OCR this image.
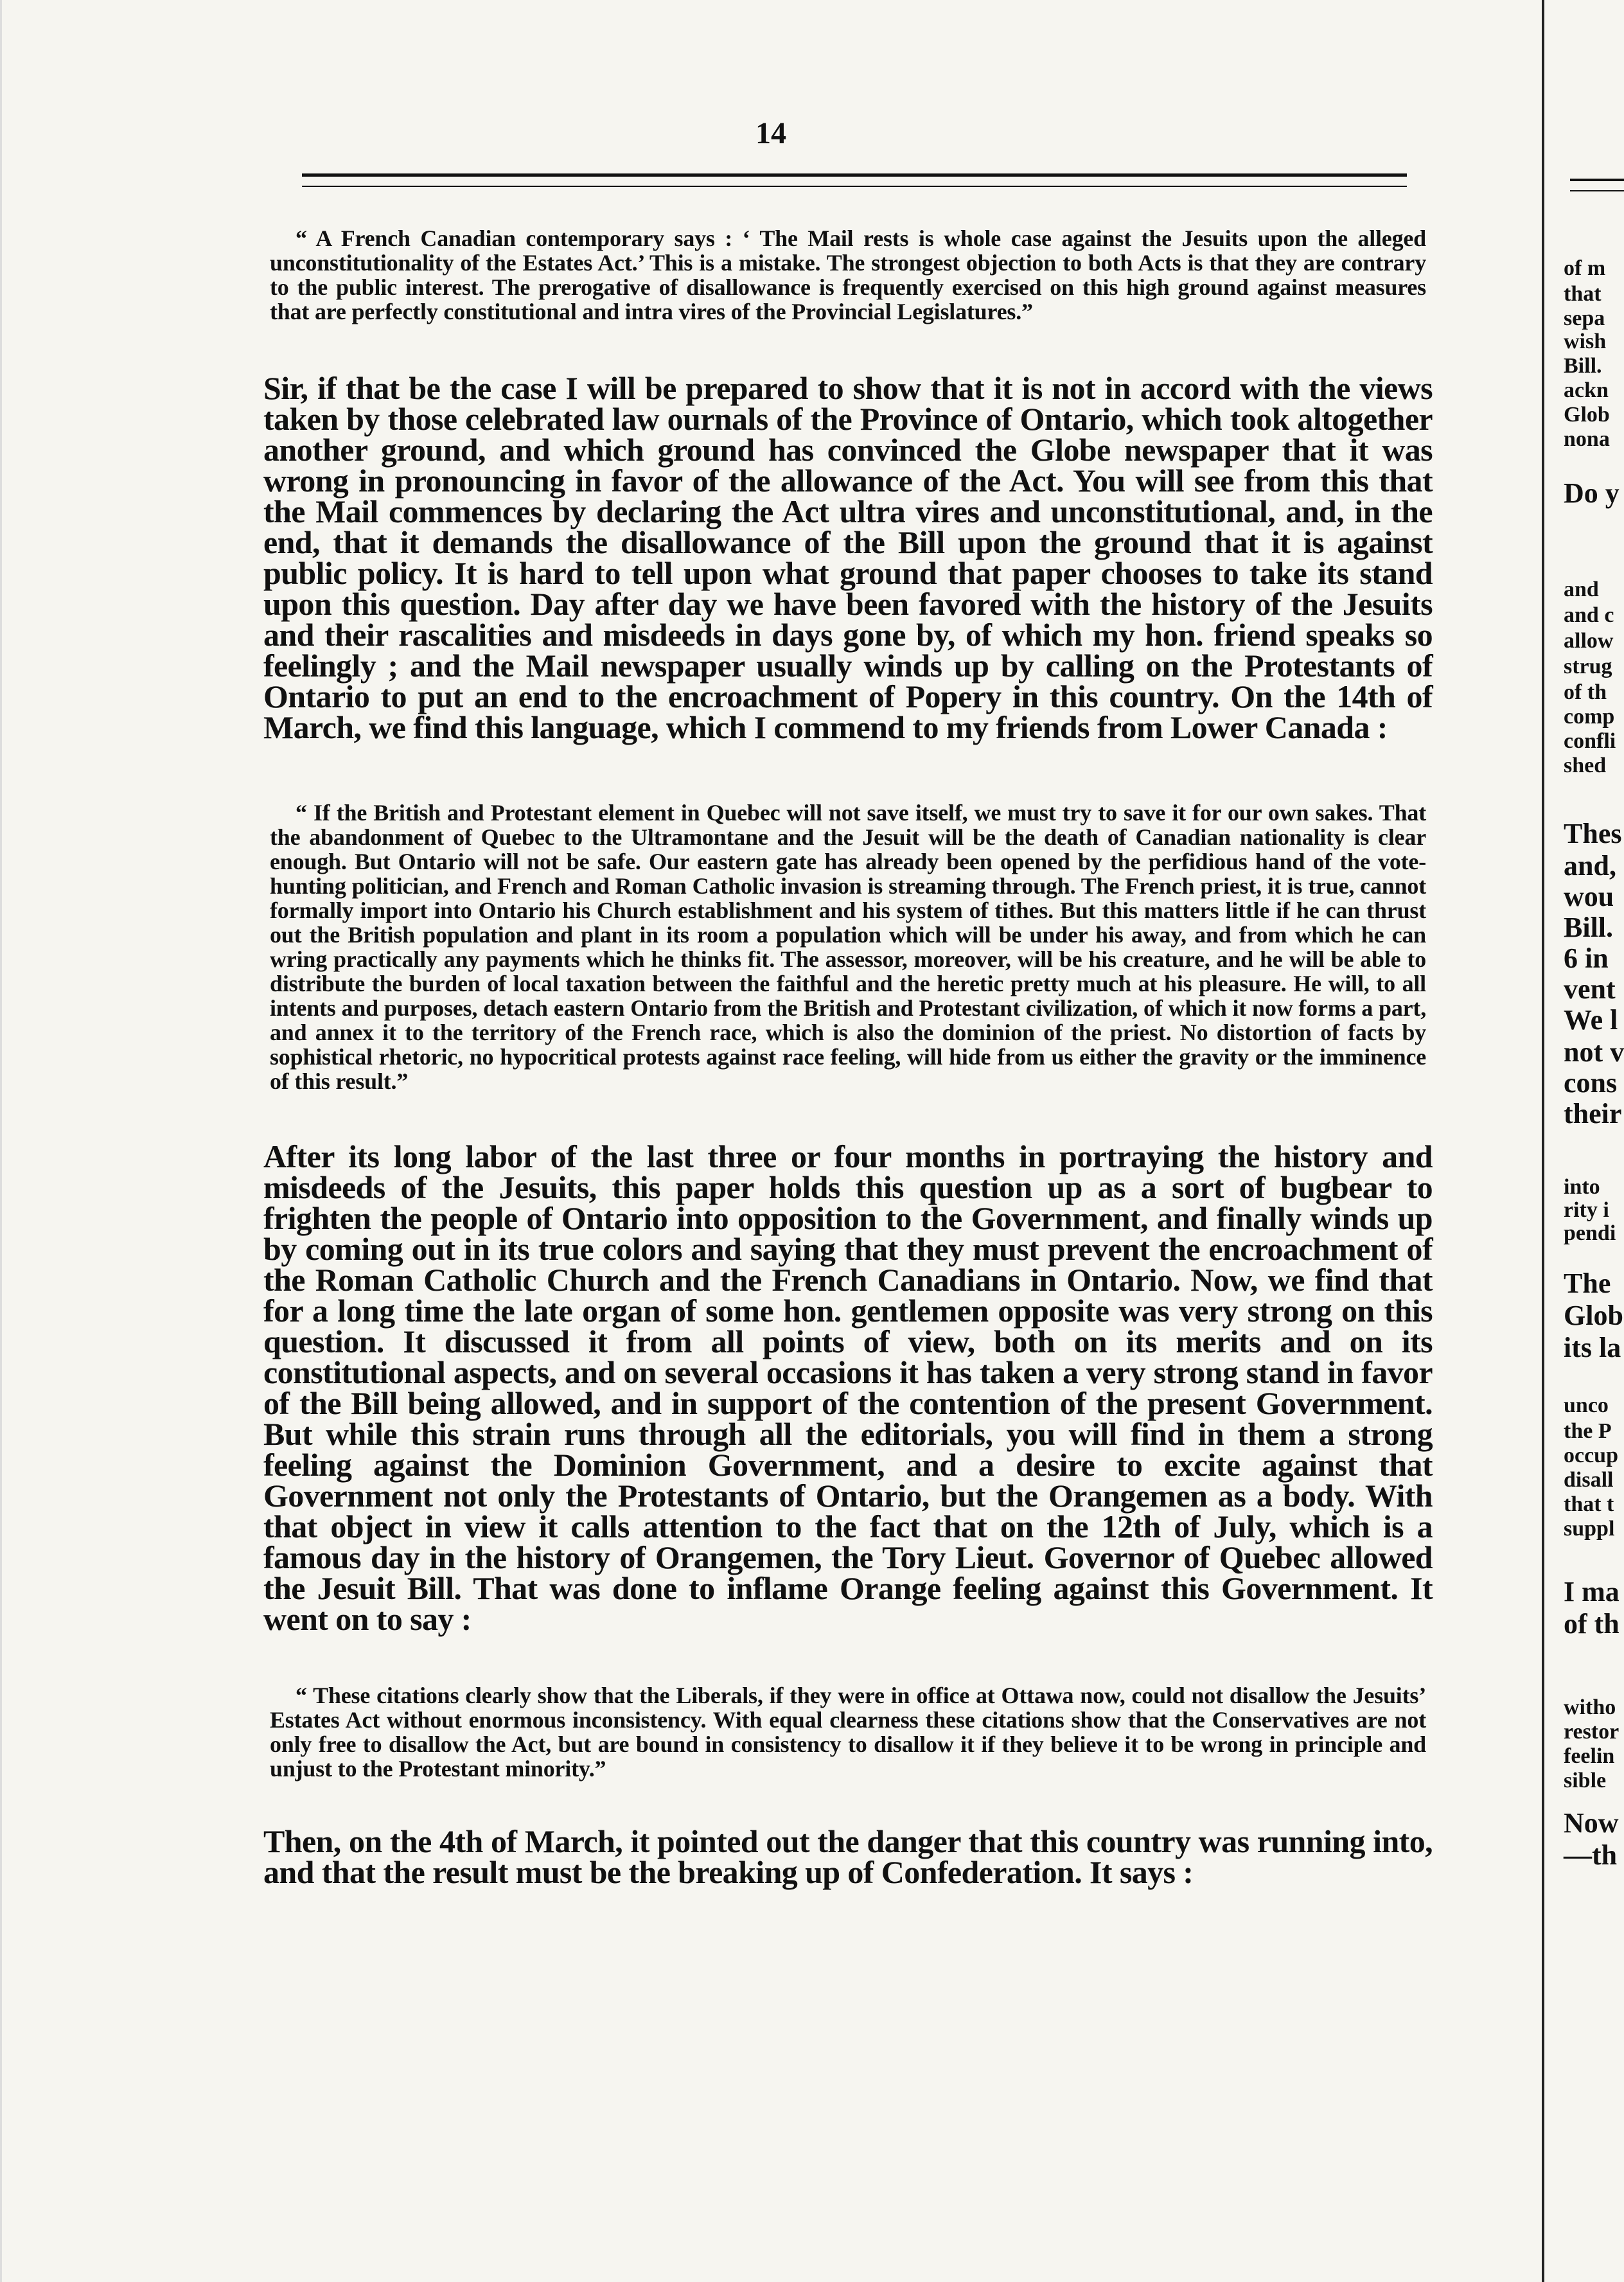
14

“ A French Canadian contemporary says : ‘ The Mail rests is whole case against the Jesuits upon the alleged unconstitutionality of the Estates Act.’ This is a mistake. The strongest objection to both Acts is that they are contrary to the public interest. The prerogative of disallowance is frequently exercised on this high ground against measures that are perfectly constitutional and intra vires of the Provincial Legislatures.”

Sir, if that be the case I will be prepared to show that it is not in accord with the views taken by those celebrated law ournals of the Province of Ontario, which took altogether another ground, and which ground has convinced the Globe newspaper that it was wrong in pronouncing in favor of the allowance of the Act. You will see from this that the Mail commences by declaring the Act ultra vires and unconstitutional, and, in the end, that it demands the disallowance of the Bill upon the ground that it is against public policy. It is hard to tell upon what ground that paper chooses to take its stand upon this question. Day after day we have been favored with the history of the Jesuits and their rascalities and misdeeds in days gone by, of which my hon. friend speaks so feelingly ; and the Mail newspaper usually winds up by calling on the Protestants of Ontario to put an end to the encroachment of Popery in this country. On the 14th of March, we find this language, which I commend to my friends from Lower Canada :

“ If the British and Protestant element in Quebec will not save itself, we must try to save it for our own sakes. That the abandonment of Quebec to the Ultramontane and the Jesuit will be the death of Canadian nationality is clear enough. But Ontario will not be safe. Our eastern gate has already been opened by the perfidious hand of the vote-hunting politician, and French and Roman Catholic invasion is streaming through. The French priest, it is true, cannot formally import into Ontario his Church establishment and his system of tithes. But this matters little if he can thrust out the British population and plant in its room a population which will be under his away, and from which he can wring practically any payments which he thinks fit. The assessor, moreover, will be his creature, and he will be able to distribute the burden of local taxation between the faithful and the heretic pretty much at his pleasure. He will, to all intents and purposes, detach eastern Ontario from the British and Protestant civilization, of which it now forms a part, and annex it to the territory of the French race, which is also the dominion of the priest. No distortion of facts by sophistical rhetoric, no hypocritical protests against race feeling, will hide from us either the gravity or the imminence of this result.”

After its long labor of the last three or four months in portraying the history and misdeeds of the Jesuits, this paper holds this question up as a sort of bugbear to frighten the people of Ontario into opposition to the Government, and finally winds up by coming out in its true colors and saying that they must prevent the encroachment of the Roman Catholic Church and the French Canadians in Ontario. Now, we find that for a long time the late organ of some hon. gentlemen opposite was very strong on this question. It discussed it from all points of view, both on its merits and on its constitutional aspects, and on several occasions it has taken a very strong stand in favor of the Bill being allowed, and in support of the contention of the present Government. But while this strain runs through all the editorials, you will find in them a strong feeling against the Dominion Government, and a desire to excite against that Government not only the Protestants of Ontario, but the Orangemen as a body. With that object in view it calls attention to the fact that on the 12th of July, which is a famous day in the history of Orangemen, the Tory Lieut. Governor of Quebec allowed the Jesuit Bill. That was done to inflame Orange feeling against this Government. It went on to say :

“ These citations clearly show that the Liberals, if they were in office at Ottawa now, could not disallow the Jesuits’ Estates Act without enormous inconsistency. With equal clearness these citations show that the Conservatives are not only free to disallow the Act, but are bound in consistency to disallow it if they believe it to be wrong in principle and unjust to the Protestant minority.”

Then, on the 4th of March, it pointed out the danger that this country was running into, and that the result must be the breaking up of Confederation. It says :

of m
that
sepa
wish
Bill.
ackn
Glob
nona
Do y
and
and c
allow
strug
of th
comp
confli
shed
Thes
and,
wou
Bill.
6 in
vent
We l
not v
cons
their
into
rity i
pendi
The
Glob
its la
unco
the P
occup
disall
that t
suppl
I ma
of th
witho
restor
feelin
sible
Now
—th
